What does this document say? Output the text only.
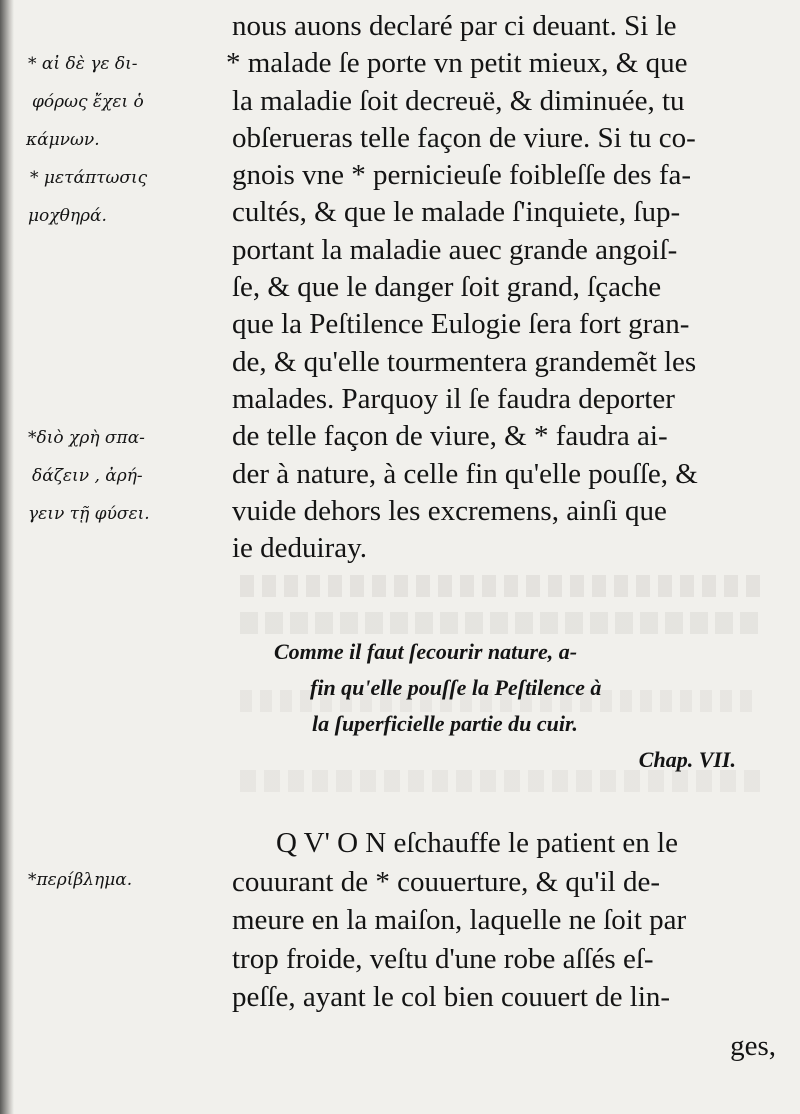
* αἰ δὲ γε δι-
φόρως ἔχει ὁ
κάμνων.
* μετάπτωσις
μοχθηρά.
*διὸ χρὴ σπα-
δάζειν , ἀρή-
γειν τῇ φύσει.
*περίβλημα.
nous auons declaré par ci deuant. Si le
* malade ſe porte vn petit mieux, & que
la maladie ſoit decreuë, & diminuée, tu
obſerueras telle façon de viure. Si tu co-
gnois vne * pernicieuſe foibleſſe des fa-
cultés, & que le malade ſ'inquiete, ſup-
portant la maladie auec grande angoiſ-
ſe, & que le danger ſoit grand, ſçache
que la Peſtilence Eulogie ſera fort gran-
de, & qu'elle tourmentera grandemẽt les
malades. Parquoy il ſe faudra deporter
de telle façon de viure, & * faudra ai-
der à nature, à celle fin qu'elle pouſſe, &
vuide dehors les excremens, ainſi que
ie deduiray.
Comme il faut ſecourir nature, a-
fin qu'elle pouſſe la Peſtilence à
la ſuperficielle partie du cuir.
Chap. VII.
Q V' O N eſchauffe le patient en le
couurant de * couuerture, & qu'il de-
meure en la maiſon, laquelle ne ſoit par
trop froide, veſtu d'une robe aſſés eſ-
peſſe, ayant le col bien couuert de lin-
ges,
